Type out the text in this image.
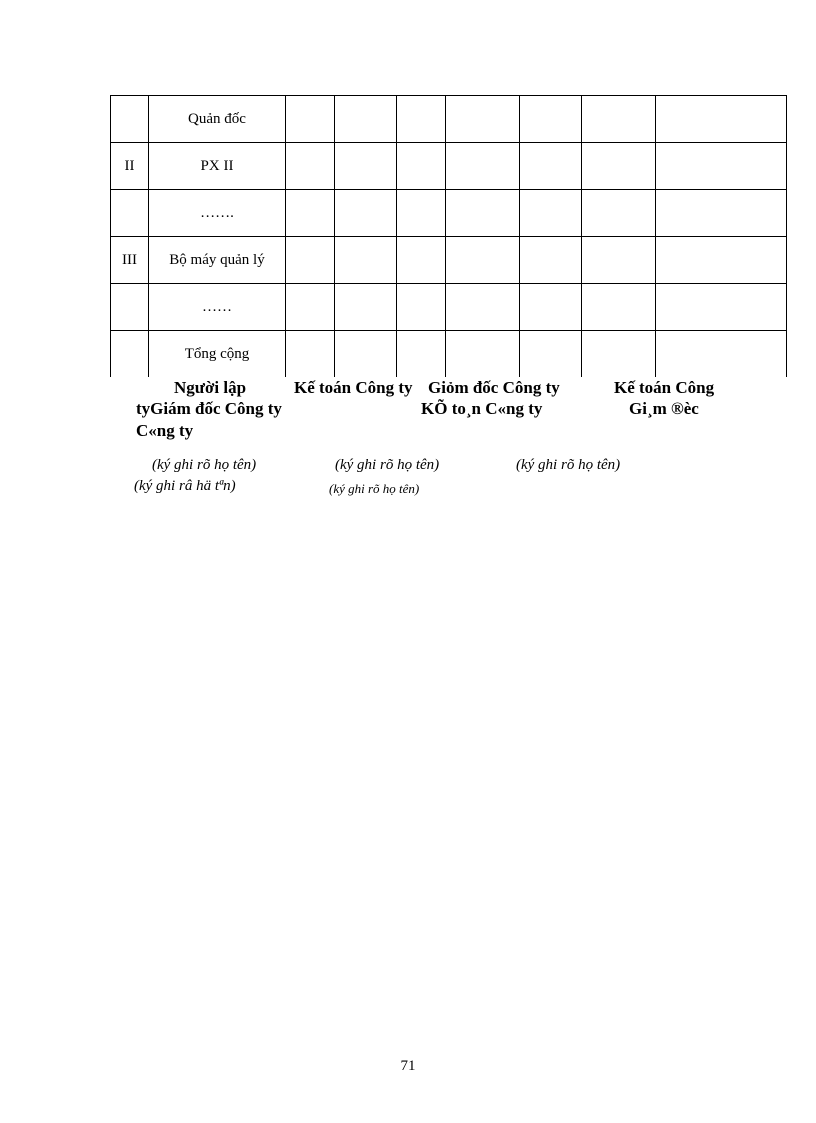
	Quản đốc							
II	PX II							
	…….							
III	Bộ máy quản lý							
	……							
	Tổng cộng							
Người lập	Kế toán Công ty Giỏm đốc Công ty	Kế toán Công
tyGiám đốc Công ty	KÕ to¸n C«ng ty	Gi¸m ®èc
C«ng ty
(ký ghi rõ họ tên)	(ký ghi rõ họ tên)	(ký ghi rõ họ tên)
(ký ghi râ hä tªn)	(ký ghi rõ họ tên)
71
